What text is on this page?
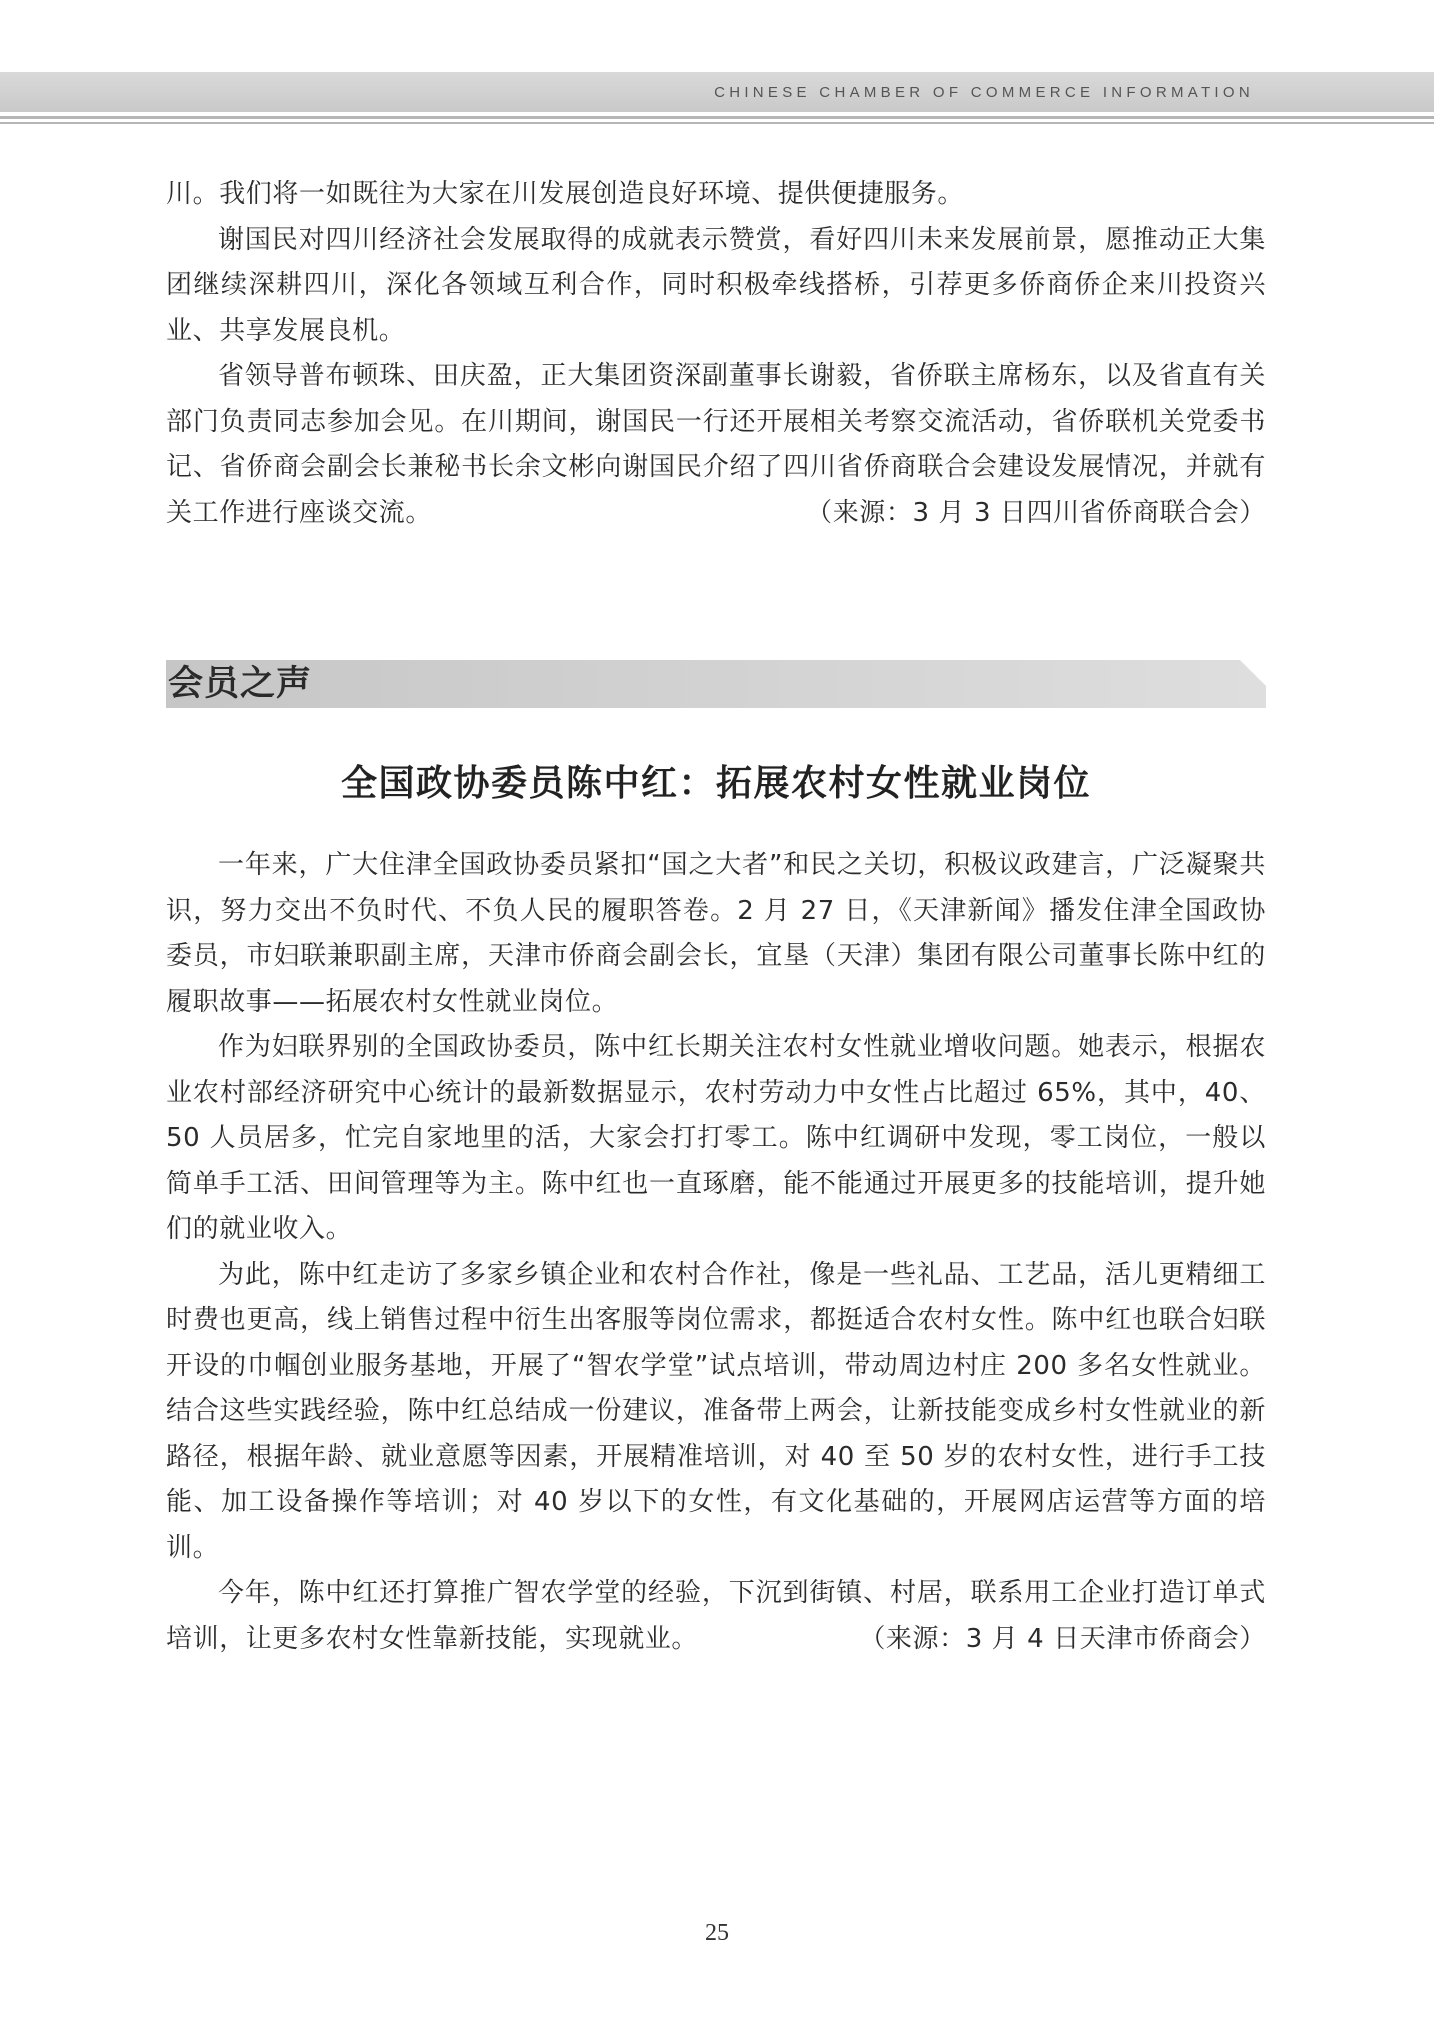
CHINESE CHAMBER OF COMMERCE INFORMATION

川。我们将一如既往为大家在川发展创造良好环境、提供便捷服务。

谢国民对四川经济社会发展取得的成就表示赞赏，看好四川未来发展前景，愿推动正大集团继续深耕四川，深化各领域互利合作，同时积极牵线搭桥，引荐更多侨商侨企来川投资兴业、共享发展良机。

省领导普布顿珠、田庆盈，正大集团资深副董事长谢毅，省侨联主席杨东，以及省直有关部门负责同志参加会见。在川期间，谢国民一行还开展相关考察交流活动，省侨联机关党委书记、省侨商会副会长兼秘书长余文彬向谢国民介绍了四川省侨商联合会建设发展情况，并就有关工作进行座谈交流。	（来源：3 月 3 日四川省侨商联合会）

会员之声
全国政协委员陈中红：拓展农村女性就业岗位

一年来，广大住津全国政协委员紧扣“国之大者”和民之关切，积极议政建言，广泛凝聚共识，努力交出不负时代、不负人民的履职答卷。2 月 27 日，《天津新闻》播发住津全国政协委员，市妇联兼职副主席，天津市侨商会副会长，宜垦（天津）集团有限公司董事长陈中红的履职故事——拓展农村女性就业岗位。

作为妇联界别的全国政协委员，陈中红长期关注农村女性就业增收问题。她表示，根据农业农村部经济研究中心统计的最新数据显示，农村劳动力中女性占比超过 65%，其中，40、50 人员居多，忙完自家地里的活，大家会打打零工。陈中红调研中发现，零工岗位，一般以简单手工活、田间管理等为主。陈中红也一直琢磨，能不能通过开展更多的技能培训，提升她们的就业收入。

为此，陈中红走访了多家乡镇企业和农村合作社，像是一些礼品、工艺品，活儿更精细工时费也更高，线上销售过程中衍生出客服等岗位需求，都挺适合农村女性。陈中红也联合妇联开设的巾帼创业服务基地，开展了“智农学堂”试点培训，带动周边村庄 200 多名女性就业。结合这些实践经验，陈中红总结成一份建议，准备带上两会，让新技能变成乡村女性就业的新路径，根据年龄、就业意愿等因素，开展精准培训，对 40 至 50 岁的农村女性，进行手工技能、加工设备操作等培训；对 40 岁以下的女性，有文化基础的，开展网店运营等方面的培训。

今年，陈中红还打算推广智农学堂的经验，下沉到街镇、村居，联系用工企业打造订单式培训，让更多农村女性靠新技能，实现就业。	（来源：3 月 4 日天津市侨商会）

25
